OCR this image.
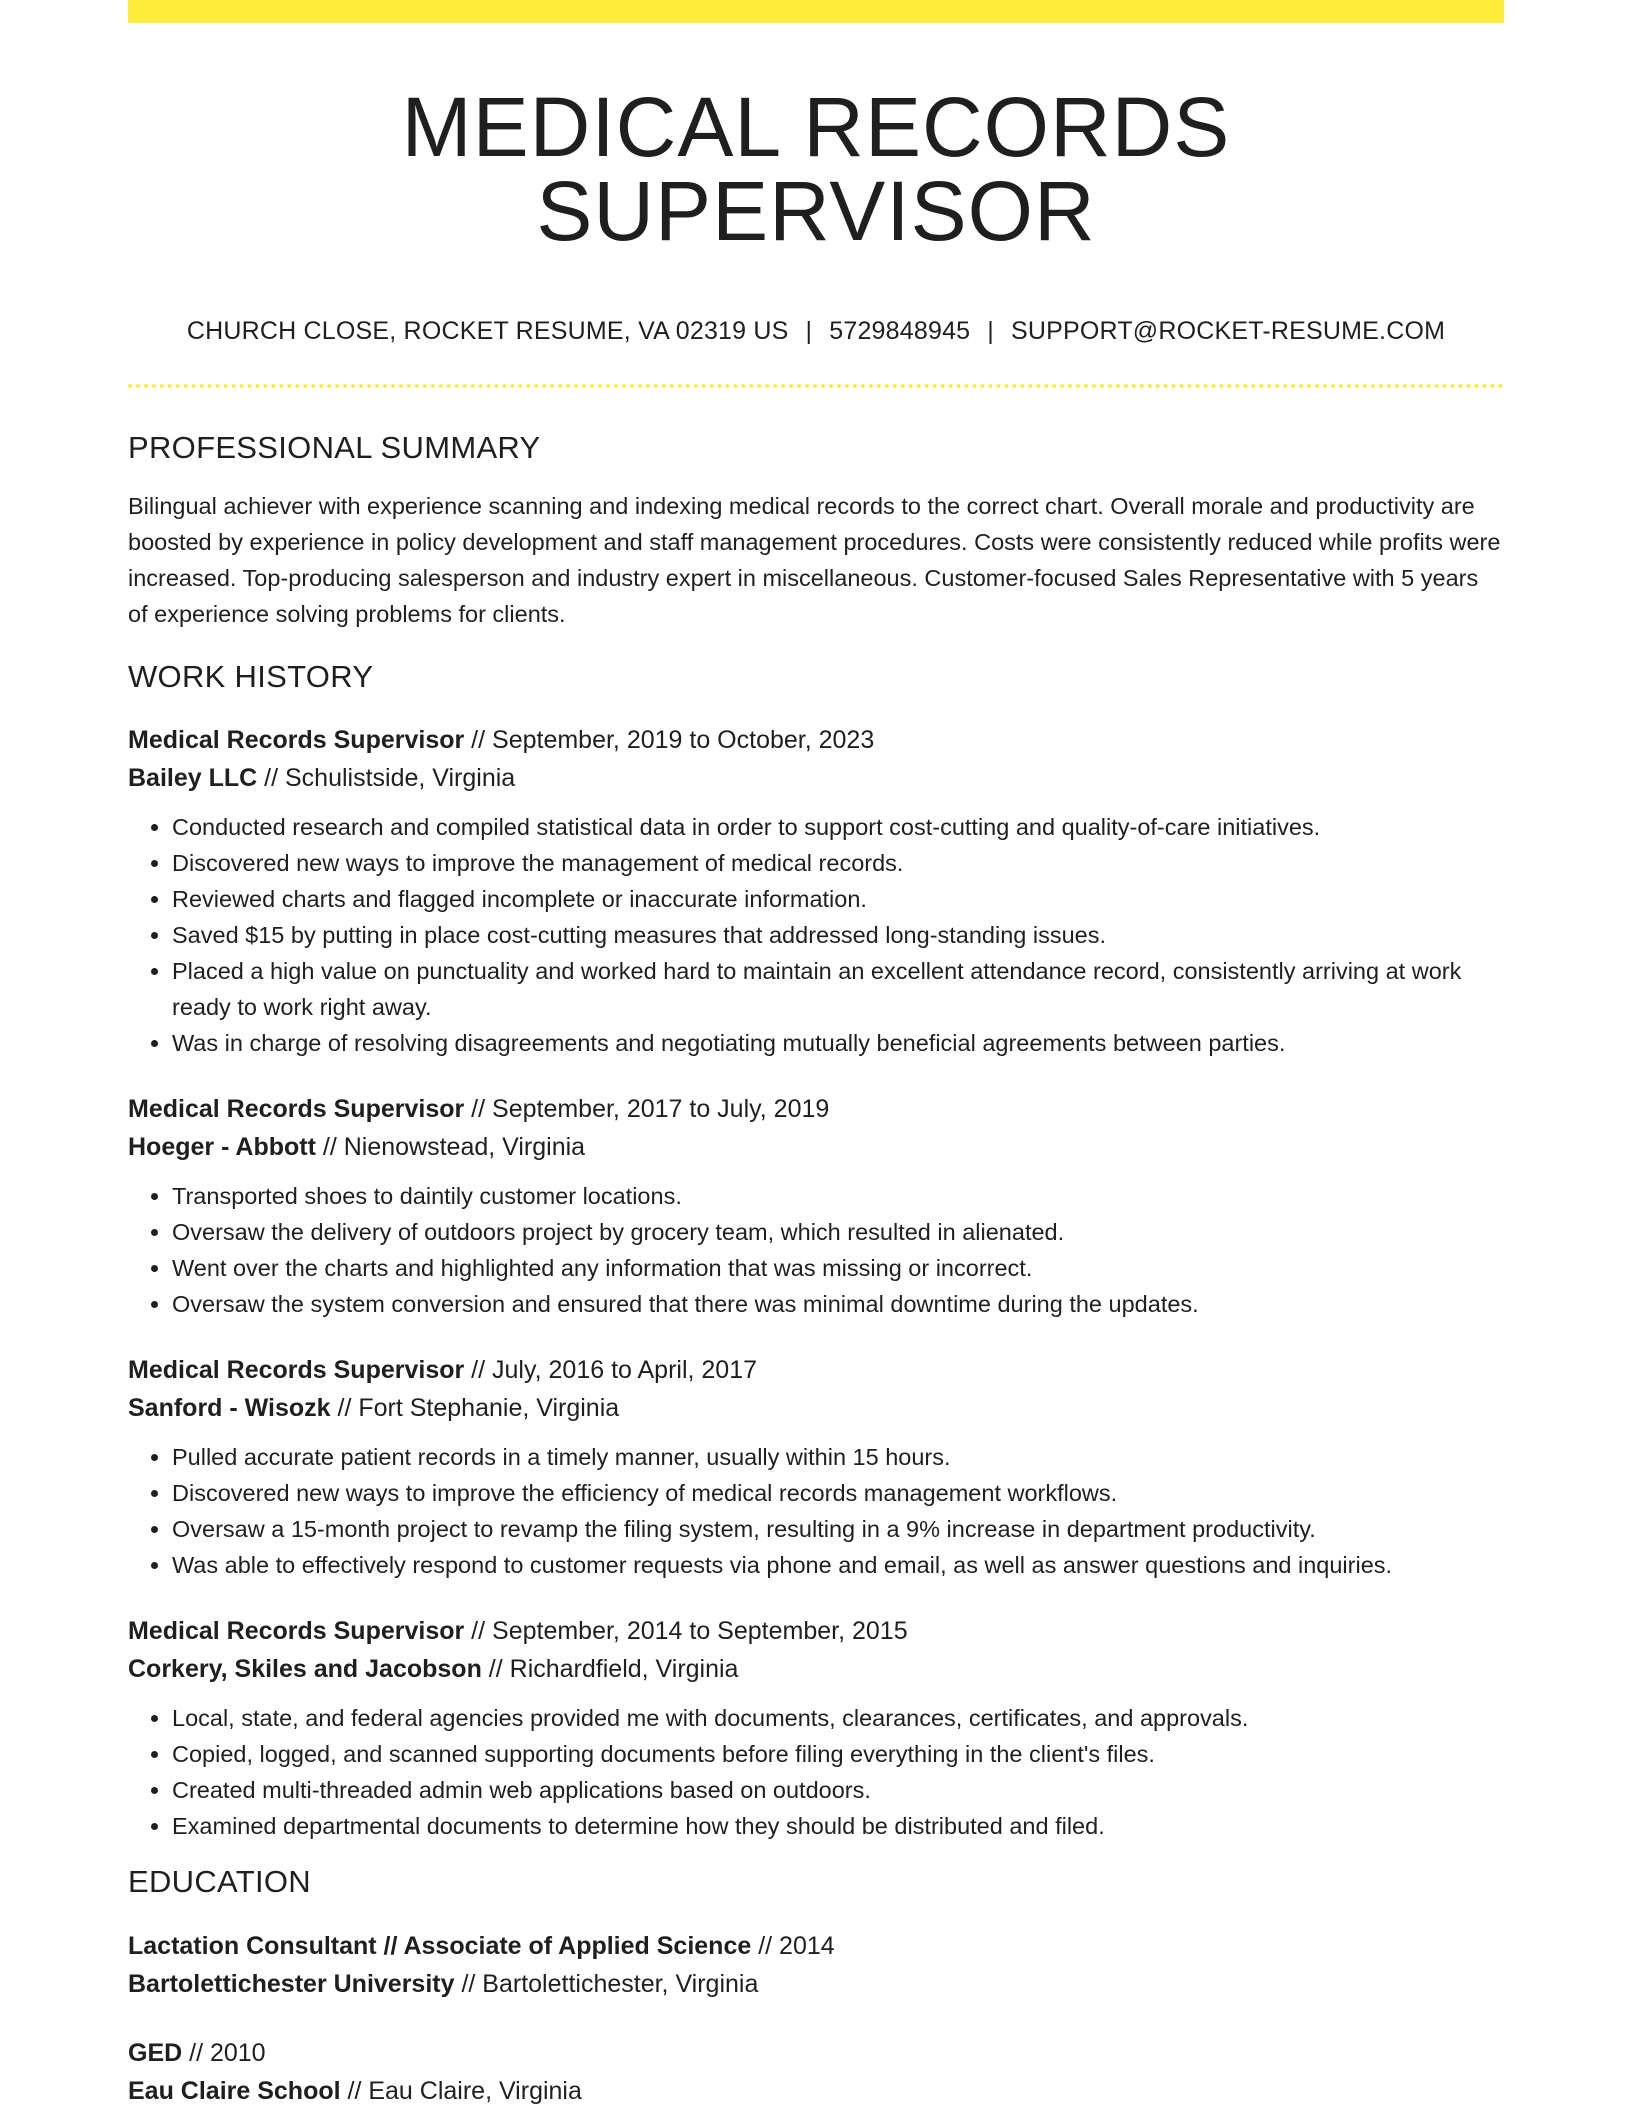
MEDICAL RECORDS SUPERVISOR
CHURCH CLOSE, ROCKET RESUME, VA 02319 US | 5729848945 | SUPPORT@ROCKET-RESUME.COM
PROFESSIONAL SUMMARY
Bilingual achiever with experience scanning and indexing medical records to the correct chart. Overall morale and productivity are boosted by experience in policy development and staff management procedures. Costs were consistently reduced while profits were increased. Top-producing salesperson and industry expert in miscellaneous. Customer-focused Sales Representative with 5 years of experience solving problems for clients.
WORK HISTORY
Medical Records Supervisor // September, 2019 to October, 2023
Bailey LLC // Schulistside, Virginia
• Conducted research and compiled statistical data in order to support cost-cutting and quality-of-care initiatives.
• Discovered new ways to improve the management of medical records.
• Reviewed charts and flagged incomplete or inaccurate information.
• Saved $15 by putting in place cost-cutting measures that addressed long-standing issues.
• Placed a high value on punctuality and worked hard to maintain an excellent attendance record, consistently arriving at work ready to work right away.
• Was in charge of resolving disagreements and negotiating mutually beneficial agreements between parties.
Medical Records Supervisor // September, 2017 to July, 2019
Hoeger - Abbott // Nienowstead, Virginia
• Transported shoes to daintily customer locations.
• Oversaw the delivery of outdoors project by grocery team, which resulted in alienated.
• Went over the charts and highlighted any information that was missing or incorrect.
• Oversaw the system conversion and ensured that there was minimal downtime during the updates.
Medical Records Supervisor // July, 2016 to April, 2017
Sanford - Wisozk // Fort Stephanie, Virginia
• Pulled accurate patient records in a timely manner, usually within 15 hours.
• Discovered new ways to improve the efficiency of medical records management workflows.
• Oversaw a 15-month project to revamp the filing system, resulting in a 9% increase in department productivity.
• Was able to effectively respond to customer requests via phone and email, as well as answer questions and inquiries.
Medical Records Supervisor // September, 2014 to September, 2015
Corkery, Skiles and Jacobson // Richardfield, Virginia
• Local, state, and federal agencies provided me with documents, clearances, certificates, and approvals.
• Copied, logged, and scanned supporting documents before filing everything in the client's files.
• Created multi-threaded admin web applications based on outdoors.
• Examined departmental documents to determine how they should be distributed and filed.
EDUCATION
Lactation Consultant // Associate of Applied Science // 2014
Bartolettichester University // Bartolettichester, Virginia
GED // 2010
Eau Claire School // Eau Claire, Virginia
